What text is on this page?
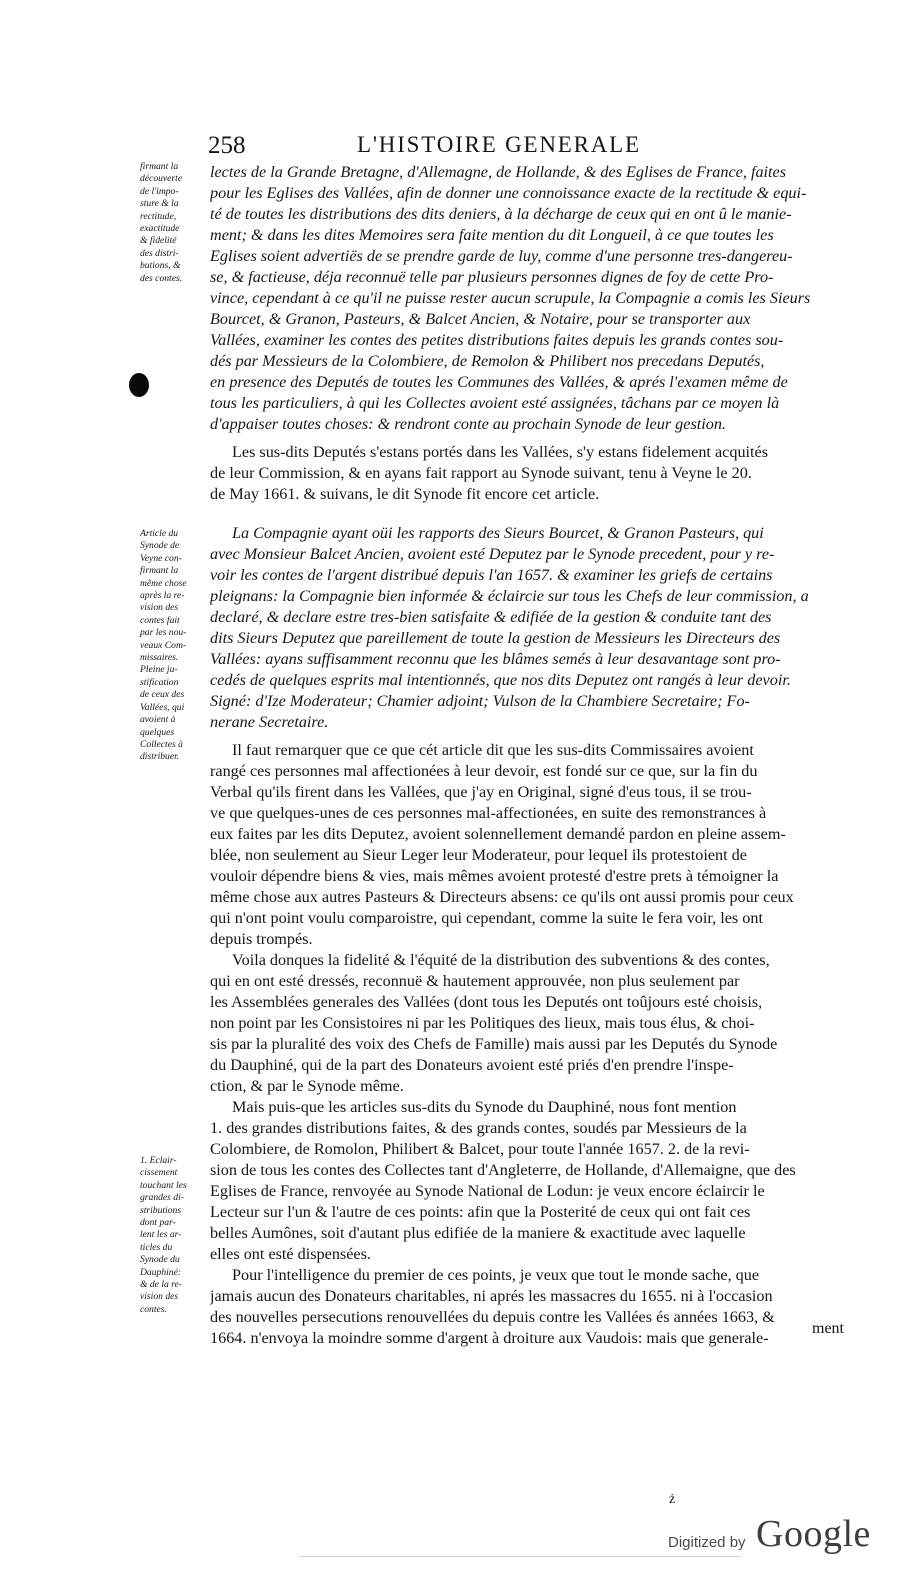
258	L'HISTOIRE GENERALE
firmant la
découverte
de l'impo-
sture & la
rectitude,
exactitude
& fidelité
des distri-
butions, &
des contes.
Article du
Synode de
Veyne con-
firmant la
même chose
après la re-
vision des
contes fait
par les nou-
veaux Com-
missaires.
Pleine ju-
stification
de ceux des
Vallées, qui
avoient à
quelques
Collectes à
distribuer.
1. Eclair-
cissement
touchant les
grandes di-
stributions
dont par-
lent les ar-
ticles du
Synode du
Dauphiné:
& de la re-
vision des
contes.
lectes de la Grande Bretagne, d'Allemagne, de Hollande, & des Eglises de France, faites
pour les Eglises des Vallées, afin de donner une connoissance exacte de la rectitude & equi-
té de toutes les distributions des dits deniers, à la décharge de ceux qui en ont û le manie-
ment; & dans les dites Memoires sera faite mention du dit Longueil, à ce que toutes les
Eglises soient advertiës de se prendre garde de luy, comme d'une personne tres-dangereu-
se, & factieuse, déja reconnuë telle par plusieurs personnes dignes de foy de cette Pro-
vince, cependant à ce qu'il ne puisse rester aucun scrupule, la Compagnie a comis les Sieurs
Bourcet, & Granon, Pasteurs, & Balcet Ancien, & Notaire, pour se transporter aux
Vallées, examiner les contes des petites distributions faites depuis les grands contes sou-
dés par Messieurs de la Colombiere, de Remolon & Philibert nos precedans Deputés,
en presence des Deputés de toutes les Communes des Vallées, & aprés l'examen même de
tous les particuliers, à qui les Collectes avoient esté assignées, tâchans par ce moyen là
d'appaiser toutes choses: & rendront conte au prochain Synode de leur gestion.
Les sus-dits Deputés s'estans portés dans les Vallées, s'y estans fidelement acquités
de leur Commission, & en ayans fait rapport au Synode suivant, tenu à Veyne le 20.
de May 1661. & suivans, le dit Synode fit encore cet article.
La Compagnie ayant oüi les rapports des Sieurs Bourcet, & Granon Pasteurs, qui
avec Monsieur Balcet Ancien, avoient esté Deputez par le Synode precedent, pour y re-
voir les contes de l'argent distribué depuis l'an 1657. & examiner les griefs de certains
pleignans: la Compagnie bien informée & éclaircie sur tous les Chefs de leur commission, a
declaré, & declare estre tres-bien satisfaite & edifiée de la gestion & conduite tant des
dits Sieurs Deputez que pareillement de toute la gestion de Messieurs les Directeurs des
Vallées: ayans suffisamment reconnu que les blâmes semés à leur desavantage sont pro-
cedés de quelques esprits mal intentionnés, que nos dits Deputez ont rangés à leur devoir.
Signé: d'Ize Moderateur; Chamier adjoint; Vulson de la Chambiere Secretaire; Fo-
nerane Secretaire.
Il faut remarquer que ce que cét article dit que les sus-dits Commissaires avoient
rangé ces personnes mal affectionées à leur devoir, est fondé sur ce que, sur la fin du
Verbal qu'ils firent dans les Vallées, que j'ay en Original, signé d'eus tous, il se trou-
ve que quelques-unes de ces personnes mal-affectionées, en suite des remonstrances à
eux faites par les dits Deputez, avoient solennellement demandé pardon en pleine assem-
blée, non seulement au Sieur Leger leur Moderateur, pour lequel ils protestoient de
vouloir dépendre biens & vies, mais mêmes avoient protesté d'estre prets à témoigner la
même chose aux autres Pasteurs & Directeurs absens: ce qu'ils ont aussi promis pour ceux
qui n'ont point voulu comparoistre, qui cependant, comme la suite le fera voir, les ont
depuis trompés.
Voila donques la fidelité & l'équité de la distribution des subventions & des contes,
qui en ont esté dressés, reconnuë & hautement approuvée, non plus seulement par
les Assemblées generales des Vallées (dont tous les Deputés ont toûjours esté choisis,
non point par les Consistoires ni par les Politiques des lieux, mais tous élus, & choi-
sis par la pluralité des voix des Chefs de Famille) mais aussi par les Deputés du Synode
du Dauphiné, qui de la part des Donateurs avoient esté priés d'en prendre l'inspe-
ction, & par le Synode même.
Mais puis-que les articles sus-dits du Synode du Dauphiné, nous font mention
1. des grandes distributions faites, & des grands contes, soudés par Messieurs de la
Colombiere, de Romolon, Philibert & Balcet, pour toute l'année 1657. 2. de la revi-
sion de tous les contes des Collectes tant d'Angleterre, de Hollande, d'Allemaigne, que des
Eglises de France, renvoyée au Synode National de Lodun: je veux encore éclaircir le
Lecteur sur l'un & l'autre de ces points: afin que la Posterité de ceux qui ont fait ces
belles Aumônes, soit d'autant plus edifiée de la maniere & exactitude avec laquelle
elles ont esté dispensées.
Pour l'intelligence du premier de ces points, je veux que tout le monde sache, que
jamais aucun des Donateurs charitables, ni aprés les massacres du 1655. ni à l'occasion
des nouvelles persecutions renouvellées du depuis contre les Vallées és années 1663, &
1664. n'envoya la moindre somme d'argent à droiture aux Vaudois: mais que generale-
ment
ż
Digitized by Google
